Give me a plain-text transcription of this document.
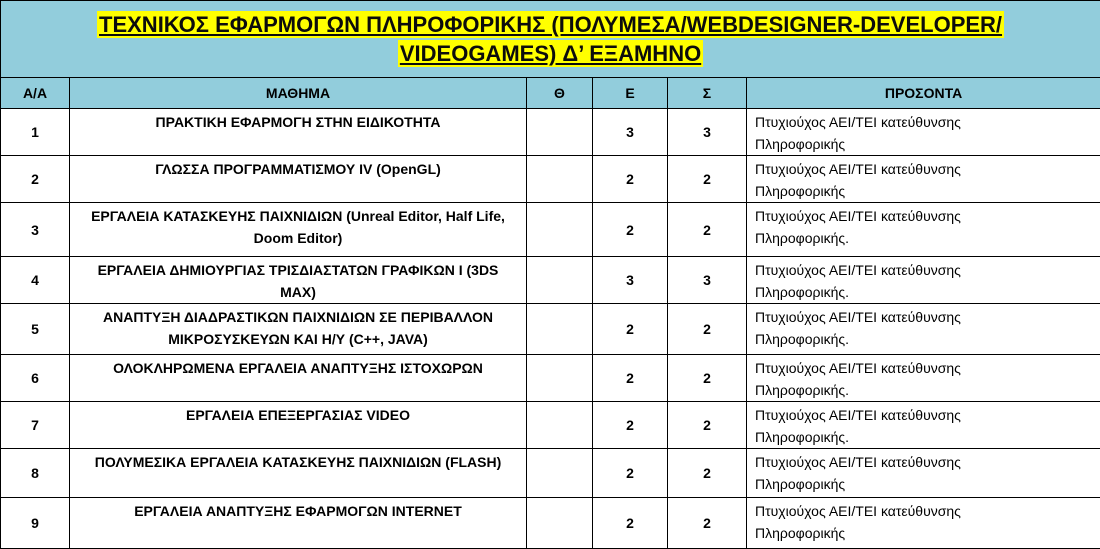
ΤΕΧΝΙΚΟΣ ΕΦΑΡΜΟΓΩΝ ΠΛΗΡΟΦΟΡΙΚΗΣ (ΠΟΛΥΜΕΣΑ/WEBDESIGNER-DEVELOPER/
VIDEOGAMES) Δ’ ΕΞΑΜΗΝΟ					
Α/Α	ΜΑΘΗΜΑ	Θ	Ε	Σ	ΠΡΟΣΟΝΤΑ
1	ΠΡΑΚΤΙΚΗ ΕΦΑΡΜΟΓΗ ΣΤΗΝ ΕΙΔΙΚΟΤΗΤΑ		3	3	Πτυχιούχος ΑΕΙ/ΤΕΙ κατεύθυνσης
Πληροφορικής
2	ΓΛΩΣΣΑ ΠΡΟΓΡΑΜΜΑΤΙΣΜΟΥ IV (OpenGL)		2	2	Πτυχιούχος ΑΕΙ/ΤΕΙ κατεύθυνσης
Πληροφορικής
3	ΕΡΓΑΛΕΙΑ ΚΑΤΑΣΚΕΥΗΣ ΠΑΙΧΝΙΔΙΩΝ (Unreal Editor, Half Life, Doom Editor)		2	2	Πτυχιούχος ΑΕΙ/ΤΕΙ κατεύθυνσης
Πληροφορικής.
4	ΕΡΓΑΛΕΙΑ ΔΗΜΙΟΥΡΓΙΑΣ ΤΡΙΣΔΙΑΣΤΑΤΩΝ ΓΡΑΦΙΚΩΝ Ι (3DS MAX)		3	3	Πτυχιούχος ΑΕΙ/ΤΕΙ κατεύθυνσης
Πληροφορικής.
5	ΑΝΑΠΤΥΞΗ ΔΙΑΔΡΑΣΤΙΚΩΝ ΠΑΙΧΝΙΔΙΩΝ ΣΕ ΠΕΡΙΒΑΛΛΟΝ ΜΙΚΡΟΣΥΣΚΕΥΩΝ ΚΑΙ Η/Υ (C++, JAVA)		2	2	Πτυχιούχος ΑΕΙ/ΤΕΙ κατεύθυνσης
Πληροφορικής.
6	ΟΛΟΚΛΗΡΩΜΕΝΑ ΕΡΓΑΛΕΙΑ ΑΝΑΠΤΥΞΗΣ ΙΣΤΟΧΩΡΩΝ		2	2	Πτυχιούχος ΑΕΙ/ΤΕΙ κατεύθυνσης
Πληροφορικής.
7	ΕΡΓΑΛΕΙΑ ΕΠΕΞΕΡΓΑΣΙΑΣ VIDEO		2	2	Πτυχιούχος ΑΕΙ/ΤΕΙ κατεύθυνσης
Πληροφορικής.
8	ΠΟΛΥΜΕΣΙΚΑ ΕΡΓΑΛΕΙΑ ΚΑΤΑΣΚΕΥΗΣ ΠΑΙΧΝΙΔΙΩΝ (FLASH)		2	2	Πτυχιούχος ΑΕΙ/ΤΕΙ κατεύθυνσης
Πληροφορικής
9	ΕΡΓΑΛΕΙΑ ΑΝΑΠΤΥΞΗΣ ΕΦΑΡΜΟΓΩΝ INTERNET		2	2	Πτυχιούχος ΑΕΙ/ΤΕΙ κατεύθυνσης
Πληροφορικής
